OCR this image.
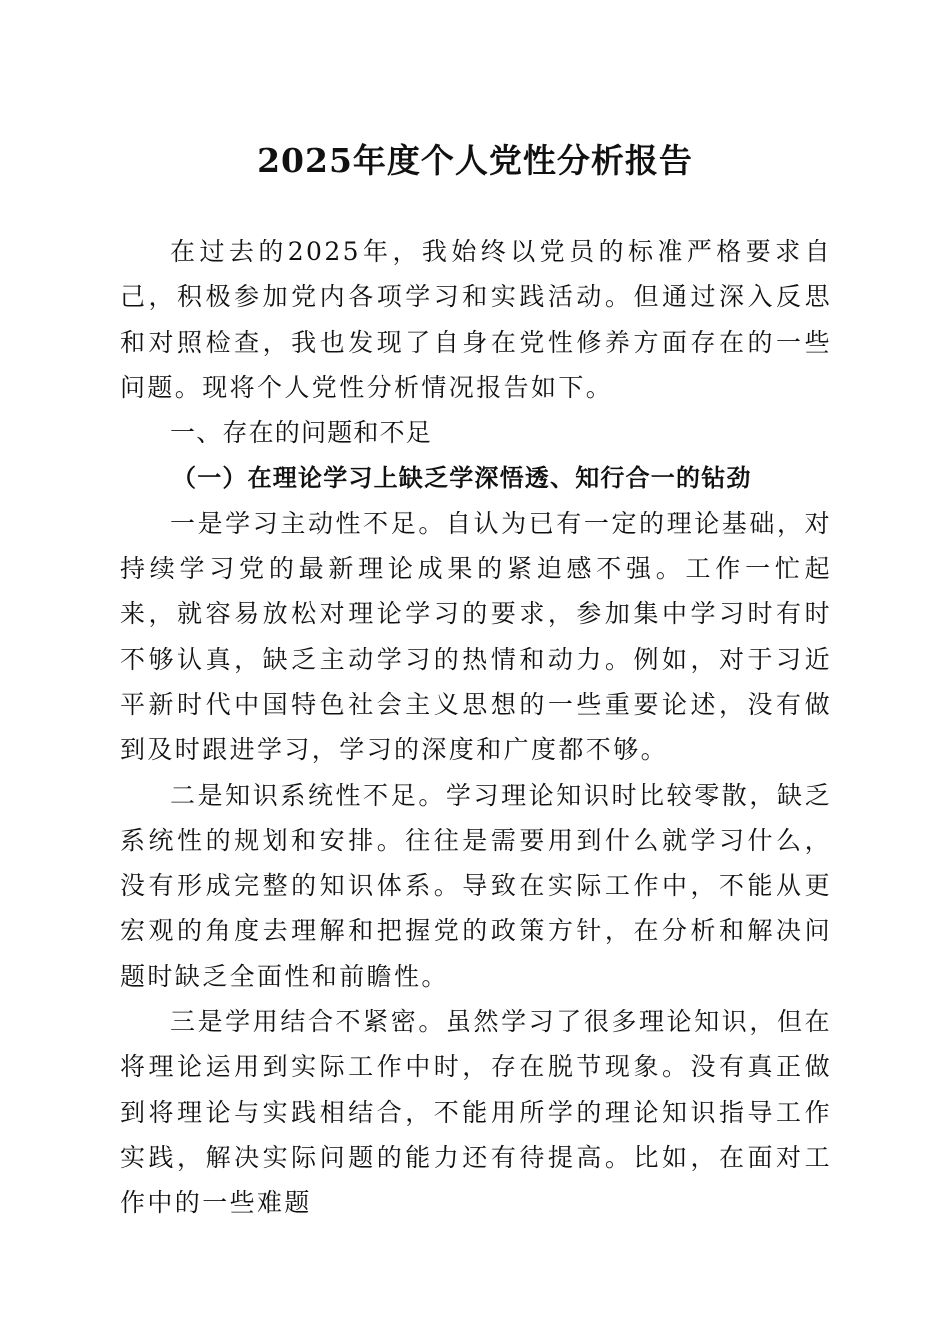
2025年度个人党性分析报告

在过去的2025年，我始终以党员的标准严格要求自己，积极参加党内各项学习和实践活动。但通过深入反思和对照检查，我也发现了自身在党性修养方面存在的一些问题。现将个人党性分析情况报告如下。

一、存在的问题和不足

（一）在理论学习上缺乏学深悟透、知行合一的钻劲

一是学习主动性不足。自认为已有一定的理论基础，对持续学习党的最新理论成果的紧迫感不强。工作一忙起来，就容易放松对理论学习的要求，参加集中学习时有时不够认真，缺乏主动学习的热情和动力。例如，对于习近平新时代中国特色社会主义思想的一些重要论述，没有做到及时跟进学习，学习的深度和广度都不够。

二是知识系统性不足。学习理论知识时比较零散，缺乏系统性的规划和安排。往往是需要用到什么就学习什么，没有形成完整的知识体系。导致在实际工作中，不能从更宏观的角度去理解和把握党的政策方针，在分析和解决问题时缺乏全面性和前瞻性。

三是学用结合不紧密。虽然学习了很多理论知识，但在将理论运用到实际工作中时，存在脱节现象。没有真正做到将理论与实践相结合，不能用所学的理论知识指导工作实践，解决实际问题的能力还有待提高。比如，在面对工作中的一些难题
